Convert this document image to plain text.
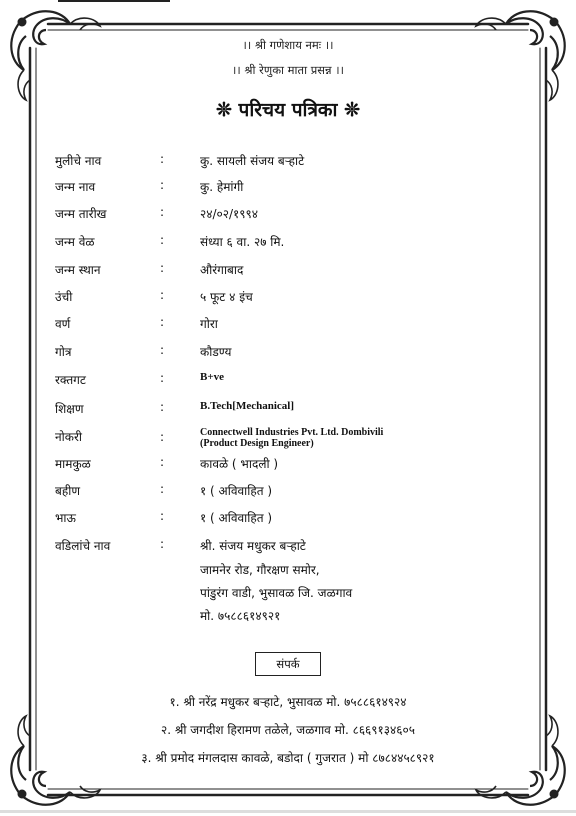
।। श्री गणेशाय नमः ।।
।। श्री रेणुका माता प्रसन्न ।।
❊ परिचय पत्रिका ❊
मुलीचे नाव	:	कु. सायली संजय बऱ्हाटे
जन्म नाव	:	कु. हेमांगी
जन्म तारीख	:	२४/०२/१९९४
जन्म वेळ	:	संध्या ६ वा. २७ मि.
जन्म स्थान	:	औरंगाबाद
उंची	:	५ फूट ४ इंच
वर्ण	:	गोरा
गोत्र	:	कौडण्य
रक्तगट	:	B+ve
शिक्षण	:	B.Tech[Mechanical]
नोकरी	:	Connectwell Industries Pvt. Ltd. Dombivili
(Product Design Engineer)
मामकुळ	:	कावळे ( भादली )
बहीण	:	१ ( अविवाहित )
भाऊ	:	१ ( अविवाहित )
वडिलांचे नाव	:	श्री. संजय मधुकर बऱ्हाटे
जामनेर रोड, गौरक्षण समोर,
पांडुरंग वाडी, भुसावळ जि. जळगाव
मो. ७५८८६१४९२१
संपर्क
१. श्री नरेंद्र मधुकर बऱ्हाटे, भुसावळ मो. ७५८८६१४९२४
२. श्री जगदीश हिरामण तळेले, जळगाव मो. ८६६९१३४६०५
३. श्री प्रमोद मंगलदास कावळे, बडोदा ( गुजरात ) मो ८७८४४५८९२१
